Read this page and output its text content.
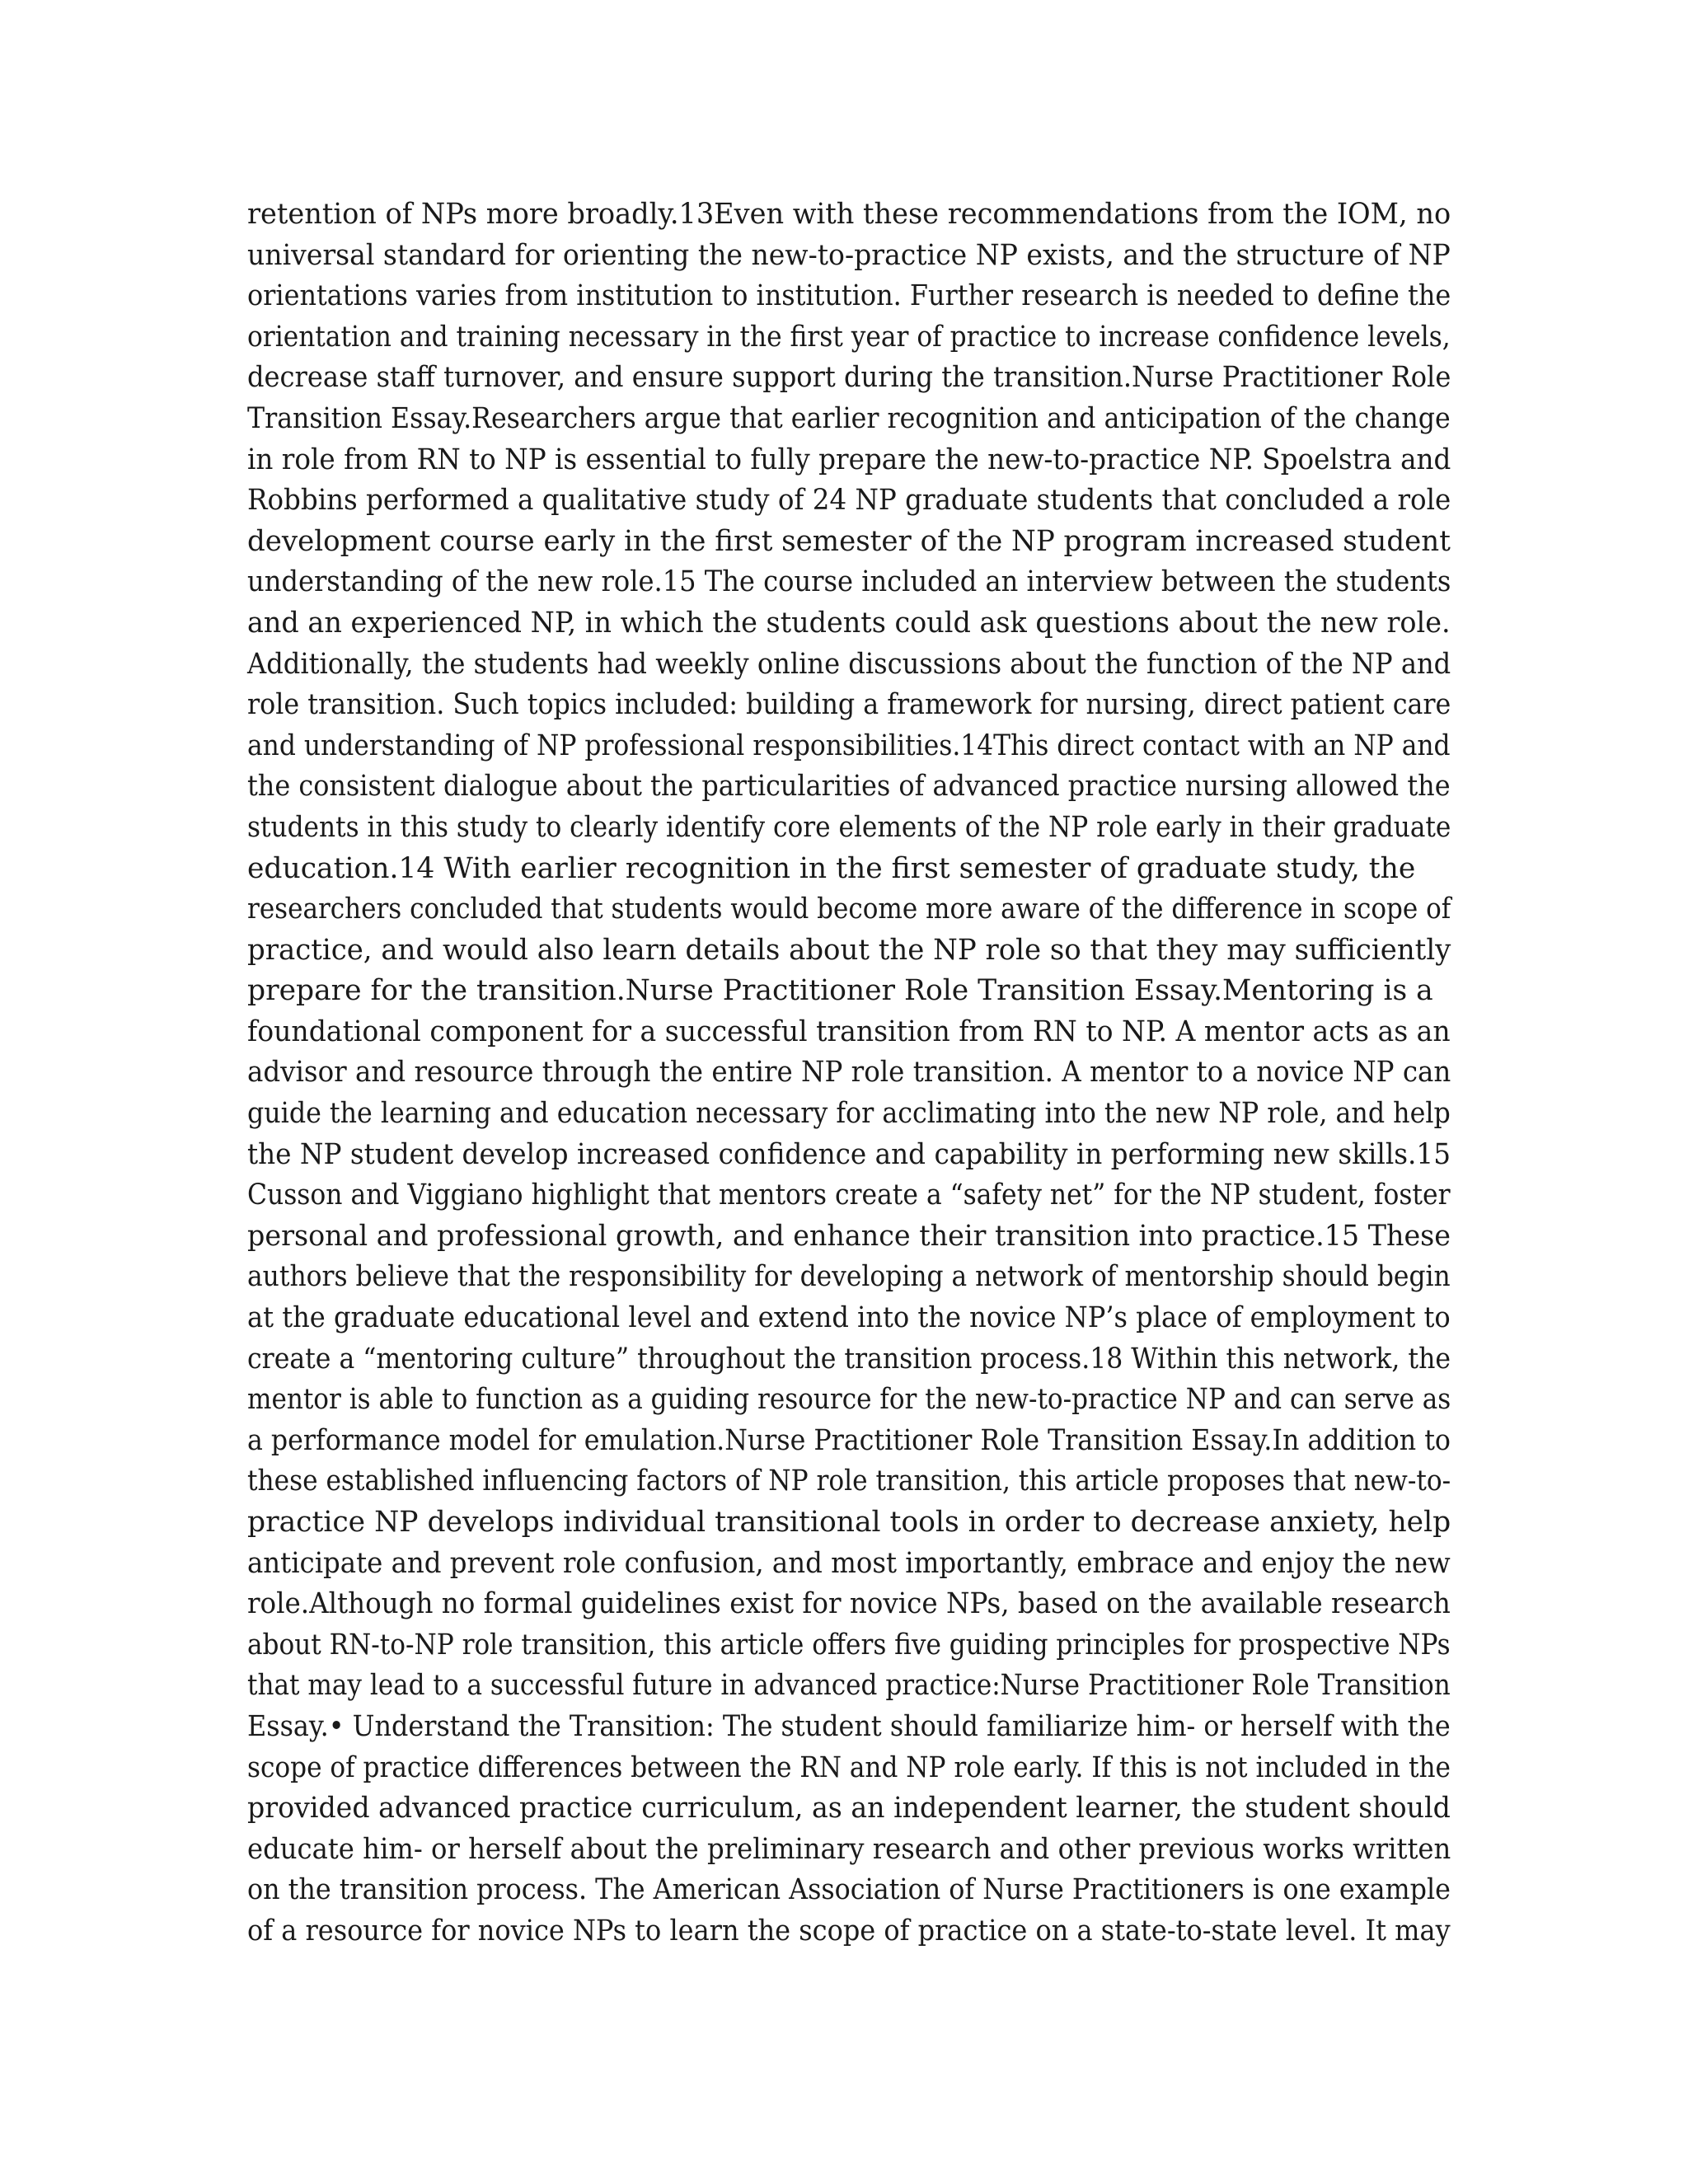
retention of NPs more broadly.13Even with these recommendations from the IOM, no
universal standard for orienting the new-to-practice NP exists, and the structure of NP
orientations varies from institution to institution. Further research is needed to define the
orientation and training necessary in the first year of practice to increase confidence levels,
decrease staff turnover, and ensure support during the transition.Nurse Practitioner Role
Transition Essay.Researchers argue that earlier recognition and anticipation of the change
in role from RN to NP is essential to fully prepare the new-to-practice NP. Spoelstra and
Robbins performed a qualitative study of 24 NP graduate students that concluded a role
development course early in the first semester of the NP program increased student
understanding of the new role.15 The course included an interview between the students
and an experienced NP, in which the students could ask questions about the new role.
Additionally, the students had weekly online discussions about the function of the NP and
role transition. Such topics included: building a framework for nursing, direct patient care
and understanding of NP professional responsibilities.14This direct contact with an NP and
the consistent dialogue about the particularities of advanced practice nursing allowed the
students in this study to clearly identify core elements of the NP role early in their graduate
education.14 With earlier recognition in the first semester of graduate study, the
researchers concluded that students would become more aware of the difference in scope of
practice, and would also learn details about the NP role so that they may sufficiently
prepare for the transition.Nurse Practitioner Role Transition Essay.Mentoring is a
foundational component for a successful transition from RN to NP. A mentor acts as an
advisor and resource through the entire NP role transition. A mentor to a novice NP can
guide the learning and education necessary for acclimating into the new NP role, and help
the NP student develop increased confidence and capability in performing new skills.15
Cusson and Viggiano highlight that mentors create a “safety net” for the NP student, foster
personal and professional growth, and enhance their transition into practice.15 These
authors believe that the responsibility for developing a network of mentorship should begin
at the graduate educational level and extend into the novice NP’s place of employment to
create a “mentoring culture” throughout the transition process.18 Within this network, the
mentor is able to function as a guiding resource for the new-to-practice NP and can serve as
a performance model for emulation.Nurse Practitioner Role Transition Essay.In addition to
these established influencing factors of NP role transition, this article proposes that new-to-
practice NP develops individual transitional tools in order to decrease anxiety, help
anticipate and prevent role confusion, and most importantly, embrace and enjoy the new
role.Although no formal guidelines exist for novice NPs, based on the available research
about RN-to-NP role transition, this article offers five guiding principles for prospective NPs
that may lead to a successful future in advanced practice:Nurse Practitioner Role Transition
Essay.• Understand the Transition: The student should familiarize him- or herself with the
scope of practice differences between the RN and NP role early. If this is not included in the
provided advanced practice curriculum, as an independent learner, the student should
educate him- or herself about the preliminary research and other previous works written
on the transition process. The American Association of Nurse Practitioners is one example
of a resource for novice NPs to learn the scope of practice on a state-to-state level. It may
